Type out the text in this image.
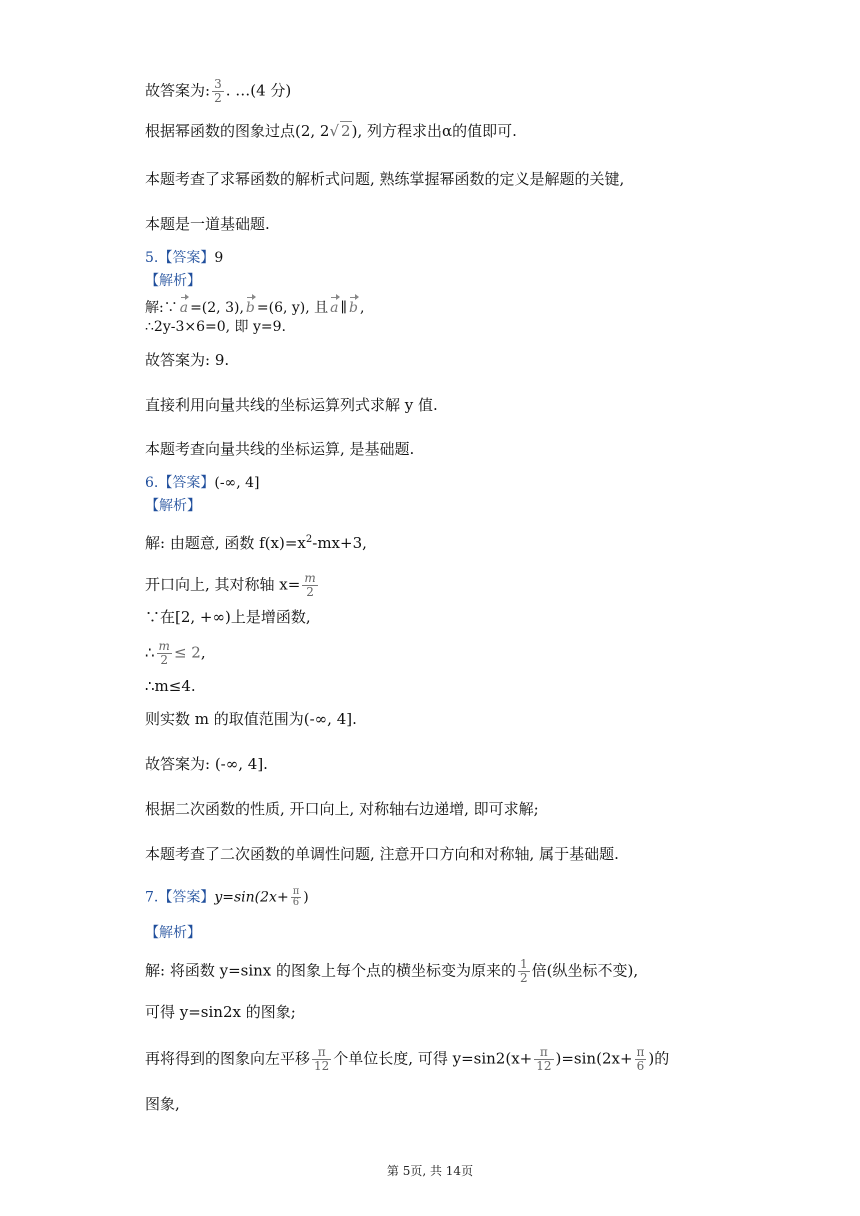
故答案为: $\frac{3}{2}$ . …(4 分)
根据幂函数的图象过点(2, 2√ 2), 列方程求出α的值即可.
本题考查了求幂函数的解析式问题, 熟练掌握幂函数的定义是解题的关键,
本题是一道基础题.
5.【答案】9
【解析】
解:∵ a =(2, 3), b =(6, y), 且 a ∥ b ,
∴2y-3×6=0, 即 y=9.
故答案为: 9.
直接利用向量共线的坐标运算列式求解 y 值.
本题考查向量共线的坐标运算, 是基础题.
6.【答案】(-∞, 4]
【解析】
解: 由题意, 函数 $f(x)=x^2-mx+3$,
开口向上, 其对称轴 $x= \frac{m}{2}$
∵在[2, +∞)上是增函数,
∴ $\frac{m}{2} \le 2$,
∴m≤4.
则实数 m 的取值范围为(-∞, 4].
故答案为: (-∞, 4].
根据二次函数的性质, 开口向上, 对称轴右边递增, 即可求解;
本题考查了二次函数的单调性问题, 注意开口方向和对称轴, 属于基础题.
7.【答案】$y=\sin(2x+ \frac{\pi}{6}$ )
【解析】
解: 将函数 y=sinx 的图象上每个点的横坐标变为原来的 $\frac{1}{2}$ 倍(纵坐标不变),
可得 y=sin2x 的图象;
再将得到的图象向左平移 $\frac{\pi}{12}$ 个单位长度, 可得 $y=\sin 2(x+ \frac{\pi}{12} )=\sin(2x+ \frac{\pi}{6}$ )的
图象,
第 5页, 共 14页
